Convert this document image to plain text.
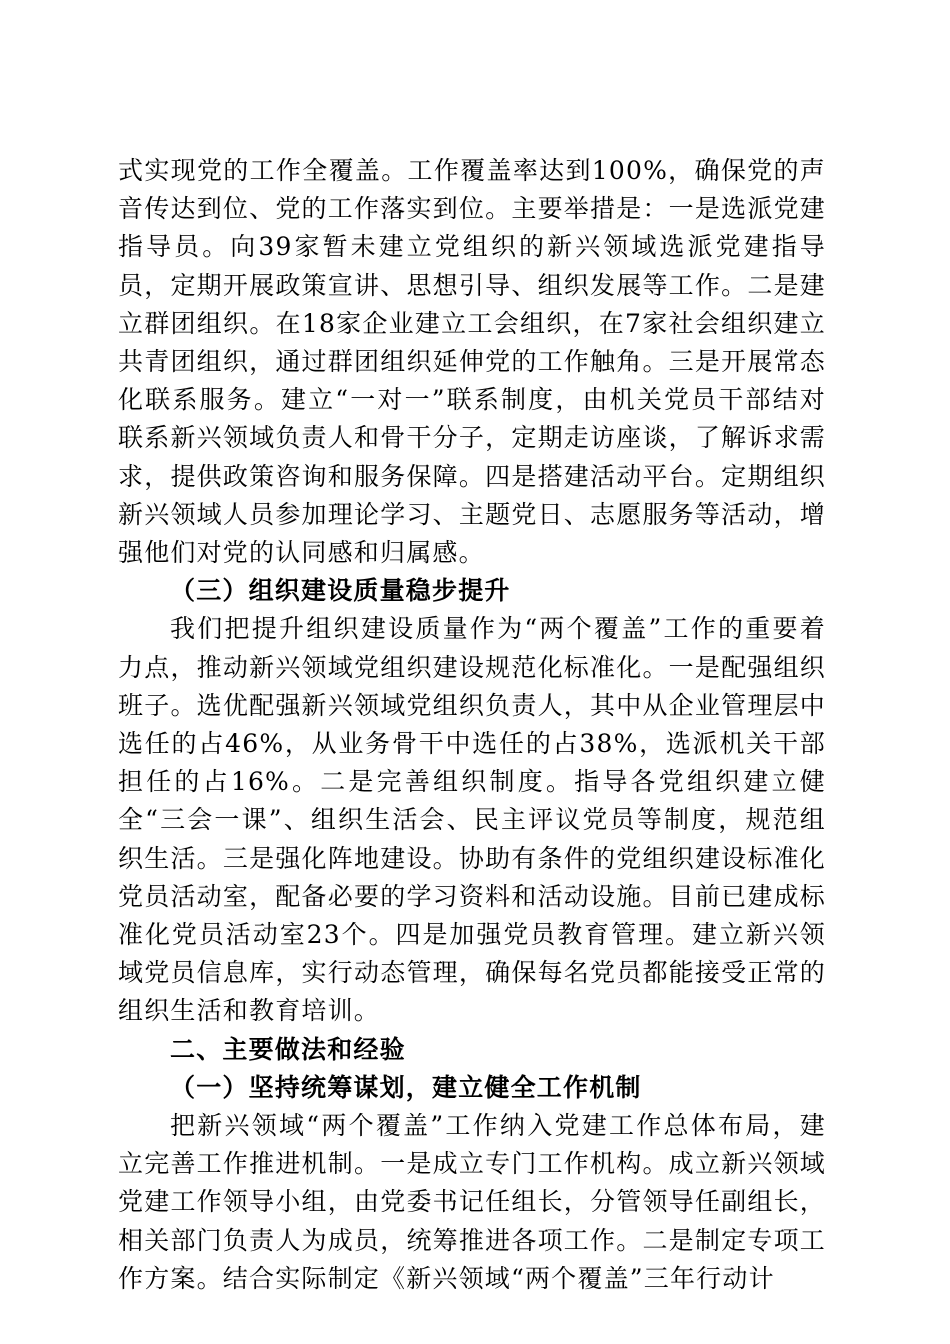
式实现党的工作全覆盖。工作覆盖率达到100%，确保党的声音传达到位、党的工作落实到位。主要举措是：一是选派党建指导员。向39家暂未建立党组织的新兴领域选派党建指导员，定期开展政策宣讲、思想引导、组织发展等工作。二是建立群团组织。在18家企业建立工会组织，在7家社会组织建立共青团组织，通过群团组织延伸党的工作触角。三是开展常态化联系服务。建立“一对一”联系制度，由机关党员干部结对联系新兴领域负责人和骨干分子，定期走访座谈，了解诉求需求，提供政策咨询和服务保障。四是搭建活动平台。定期组织新兴领域人员参加理论学习、主题党日、志愿服务等活动，增强他们对党的认同感和归属感。

（三）组织建设质量稳步提升

我们把提升组织建设质量作为“两个覆盖”工作的重要着力点，推动新兴领域党组织建设规范化标准化。一是配强组织班子。选优配强新兴领域党组织负责人，其中从企业管理层中选任的占46%，从业务骨干中选任的占38%，选派机关干部担任的占16%。二是完善组织制度。指导各党组织建立健全“三会一课”、组织生活会、民主评议党员等制度，规范组织生活。三是强化阵地建设。协助有条件的党组织建设标准化党员活动室，配备必要的学习资料和活动设施。目前已建成标准化党员活动室23个。四是加强党员教育管理。建立新兴领域党员信息库，实行动态管理，确保每名党员都能接受正常的组织生活和教育培训。

二、主要做法和经验

（一）坚持统筹谋划，建立健全工作机制

把新兴领域“两个覆盖”工作纳入党建工作总体布局，建立完善工作推进机制。一是成立专门工作机构。成立新兴领域党建工作领导小组，由党委书记任组长，分管领导任副组长，相关部门负责人为成员，统筹推进各项工作。二是制定专项工作方案。结合实际制定《新兴领域“两个覆盖”三年行动计
